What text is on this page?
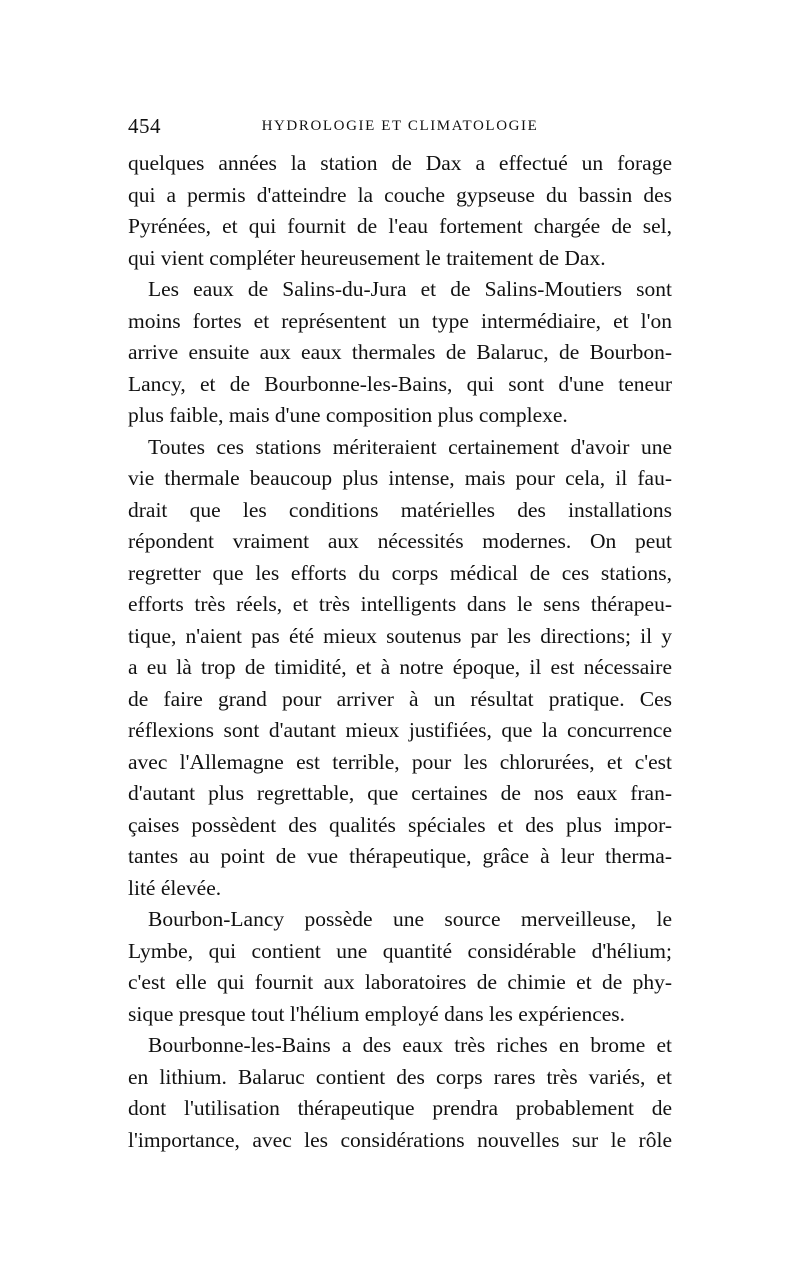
454	HYDROLOGIE ET CLIMATOLOGIE

quelques années la station de Dax a effectué un forage
qui a permis d'atteindre la couche gypseuse du bassin des
Pyrénées, et qui fournit de l'eau fortement chargée de sel,
qui vient compléter heureusement le traitement de Dax.

Les eaux de Salins-du-Jura et de Salins-Moutiers sont
moins fortes et représentent un type intermédiaire, et l'on
arrive ensuite aux eaux thermales de Balaruc, de Bourbon-
Lancy, et de Bourbonne-les-Bains, qui sont d'une teneur
plus faible, mais d'une composition plus complexe.

Toutes ces stations mériteraient certainement d'avoir une
vie thermale beaucoup plus intense, mais pour cela, il fau-
drait que les conditions matérielles des installations
répondent vraiment aux nécessités modernes. On peut
regretter que les efforts du corps médical de ces stations,
efforts très réels, et très intelligents dans le sens thérapeu-
tique, n'aient pas été mieux soutenus par les directions; il y
a eu là trop de timidité, et à notre époque, il est nécessaire
de faire grand pour arriver à un résultat pratique. Ces
réflexions sont d'autant mieux justifiées, que la concurrence
avec l'Allemagne est terrible, pour les chlorurées, et c'est
d'autant plus regrettable, que certaines de nos eaux fran-
çaises possèdent des qualités spéciales et des plus impor-
tantes au point de vue thérapeutique, grâce à leur therma-
lité élevée.

Bourbon-Lancy possède une source merveilleuse, le
Lymbe, qui contient une quantité considérable d'hélium;
c'est elle qui fournit aux laboratoires de chimie et de phy-
sique presque tout l'hélium employé dans les expériences.

Bourbonne-les-Bains a des eaux très riches en brome et
en lithium. Balaruc contient des corps rares très variés, et
dont l'utilisation thérapeutique prendra probablement de
l'importance, avec les considérations nouvelles sur le rôle
